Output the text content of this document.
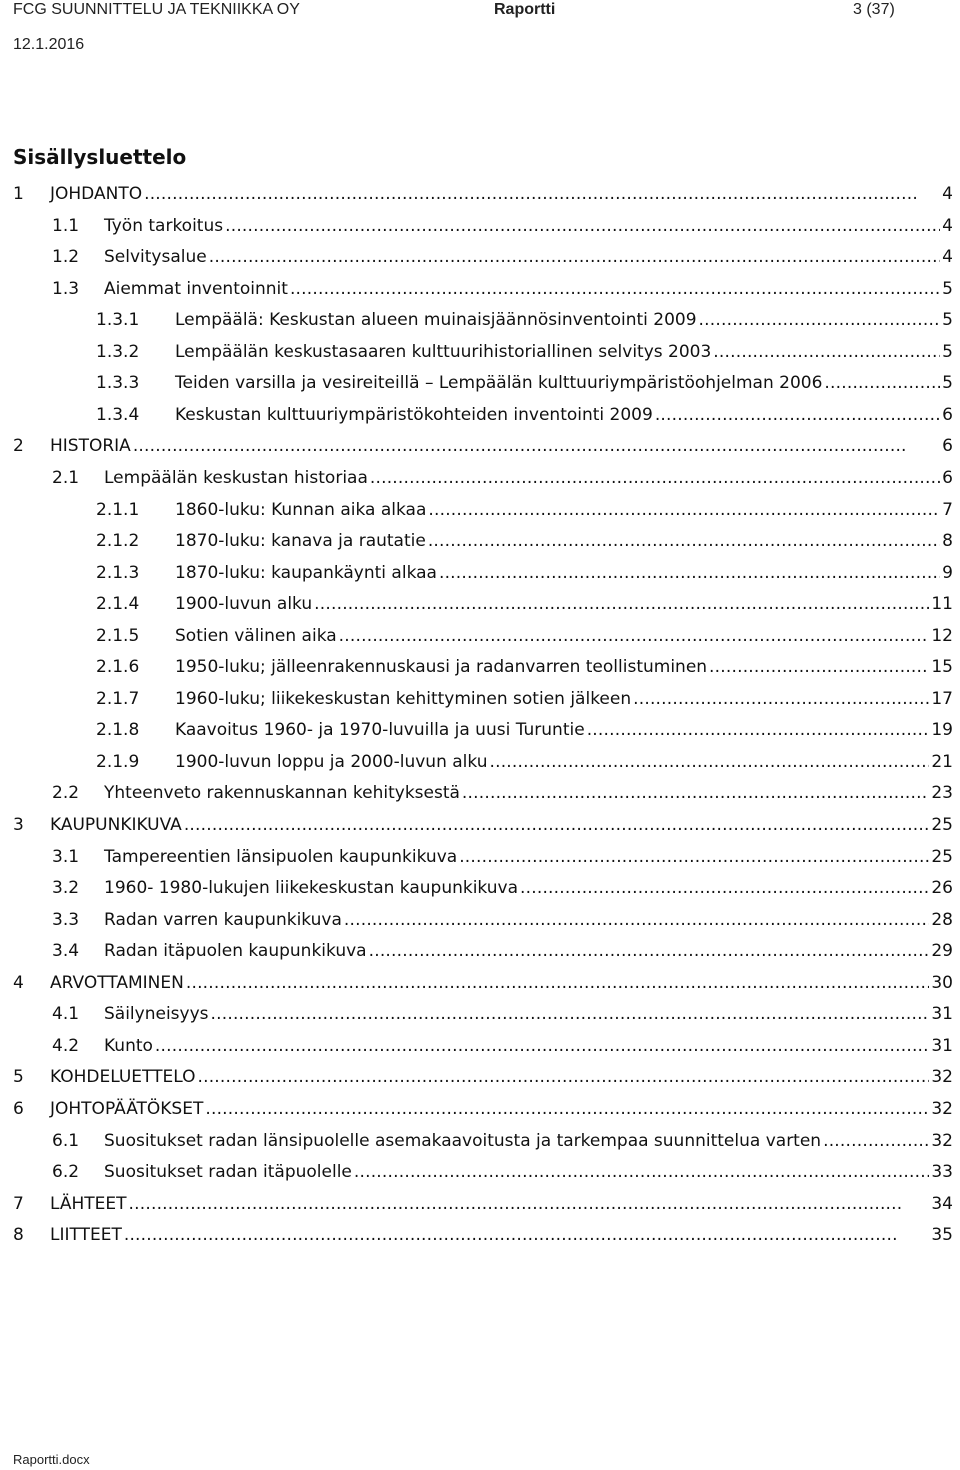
FCG SUUNNITTELU JA TEKNIIKKA OY	Raportti	3 (37)
12.1.2016
Sisällysluettelo
1	JOHDANTO . . .	4
1.1	Työn tarkoitus . . .	4
1.2	Selvitysalue . . .	4
1.3	Aiemmat inventoinnit . . .	5
1.3.1	Lempäälä: Keskustan alueen muinaisjäännösinventointi 2009 . . .	5
1.3.2	Lempäälän keskustasaaren kulttuurihistoriallinen selvitys 2003 . . .	5
1.3.3	Teiden varsilla ja vesireiteillä – Lempäälän kulttuuriympäristöohjelman 2006 . . .	5
1.3.4	Keskustan kulttuuriympäristökohteiden inventointi 2009 . . .	6
2	HISTORIA . . .	6
2.1	Lempäälän keskustan historiaa . . .	6
2.1.1	1860-luku: Kunnan aika alkaa . . .	7
2.1.2	1870-luku: kanava ja rautatie . . .	8
2.1.3	1870-luku: kaupankäynti alkaa . . .	9
2.1.4	1900-luvun alku . . .	11
2.1.5	Sotien välinen aika . . .	12
2.1.6	1950-luku; jälleenrakennuskausi ja radanvarren teollistuminen . . .	15
2.1.7	1960-luku; liikekeskustan kehittyminen sotien jälkeen . . .	17
2.1.8	Kaavoitus 1960- ja 1970-luvuilla ja uusi Turuntie . . .	19
2.1.9	1900-luvun loppu ja 2000-luvun alku . . .	21
2.2	Yhteenveto rakennuskannan kehityksestä . . .	23
3	KAUPUNKIKUVA . . .	25
3.1	Tampereentien länsipuolen kaupunkikuva . . .	25
3.2	1960- 1980-lukujen liikekeskustan kaupunkikuva . . .	26
3.3	Radan varren kaupunkikuva . . .	28
3.4	Radan itäpuolen kaupunkikuva . . .	29
4	ARVOTTAMINEN . . .	30
4.1	Säilyneisyys . . .	31
4.2	Kunto . . .	31
5	KOHDELUETTELO . . .	32
6	JOHTOPÄÄTÖKSET . . .	32
6.1	Suositukset radan länsipuolelle asemakaavoitusta ja tarkempaa suunnittelua varten . . .	32
6.2	Suositukset radan itäpuolelle . . .	33
7	LÄHTEET . . .	34
8	LIITTEET . . .	35
Raportti.docx
